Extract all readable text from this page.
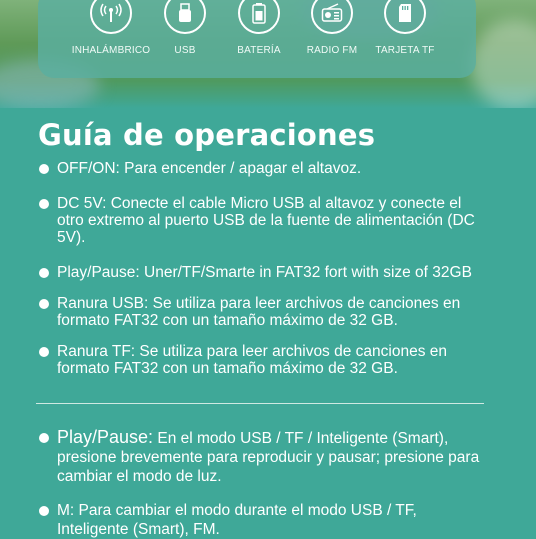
INHALÁMBRICO	USB	BATERÍA	RADIO FM	TARJETA TF
Guía de operaciones
OFF/ON: Para encender / apagar el altavoz.
DC 5V: Conecte el cable Micro USB al altavoz y conecte el otro extremo al puerto USB de la fuente de alimentación (DC 5V).
Play/Pause: Uner/TF/Smarte in FAT32 fort with size of 32GB
Ranura USB: Se utiliza para leer archivos de canciones en formato FAT32 con un tamaño máximo de 32 GB.
Ranura TF: Se utiliza para leer archivos de canciones en formato FAT32 con un tamaño máximo de 32 GB.
Play/Pause: En el modo USB / TF / Inteligente (Smart), presione brevemente para reproducir y pausar; presione para cambiar el modo de luz.
M: Para cambiar el modo durante el modo USB / TF, Inteligente (Smart), FM.
